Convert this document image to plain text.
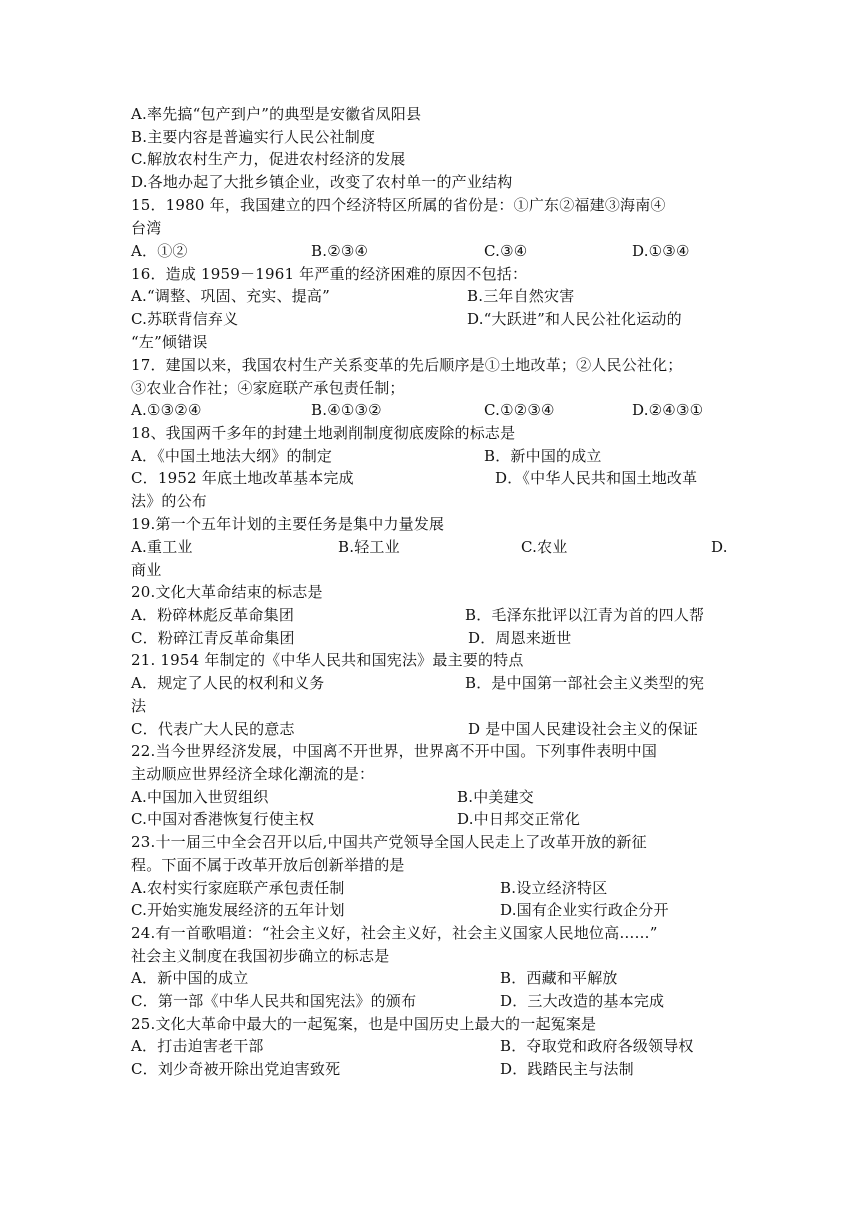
A.率先搞“包产到户”的典型是安徽省凤阳县
B.主要内容是普遍实行人民公社制度
C.解放农村生产力，促进农村经济的发展
D.各地办起了大批乡镇企业，改变了农村单一的产业结构
15．1980 年，我国建立的四个经济特区所属的省份是：①广东②福建③海南④
台湾
A．①②	B.②③④	C.③④	D.①③④
16．造成 1959－1961 年严重的经济困难的原因不包括：
A.“调整、巩固、充实、提高”	B.三年自然灾害
C.苏联背信弃义	D.“大跃进”和人民公社化运动的
“左”倾错误
17．建国以来，我国农村生产关系变革的先后顺序是①土地改革；②人民公社化；
③农业合作社；④家庭联产承包责任制；
A.①③②④	B.④①③②	C.①②③④	D.②④③①
18、我国两千多年的封建土地剥削制度彻底废除的标志是
A．《中国土地法大纲》的制定	B．新中国的成立
C．1952 年底土地改革基本完成	D．《中华人民共和国土地改革
法》的公布
19.第一个五年计划的主要任务是集中力量发展
A.重工业	B.轻工业	C.农业	D.
商业
20.文化大革命结束的标志是
A．粉碎林彪反革命集团	B．毛泽东批评以江青为首的四人帮
C．粉碎江青反革命集团	D．周恩来逝世
21. 1954 年制定的《中华人民共和国宪法》最主要的特点
A．规定了人民的权利和义务	B．是中国第一部社会主义类型的宪
法
C．代表广大人民的意志	D 是中国人民建设社会主义的保证
22.当今世界经济发展，中国离不开世界，世界离不开中国。下列事件表明中国
主动顺应世界经济全球化潮流的是：
A.中国加入世贸组织	B.中美建交
C.中国对香港恢复行使主权	D.中日邦交正常化
23.十一届三中全会召开以后,中国共产党领导全国人民走上了改革开放的新征
程。下面不属于改革开放后创新举措的是
A.农村实行家庭联产承包责任制	B.设立经济特区
C.开始实施发展经济的五年计划	D.国有企业实行政企分开
24.有一首歌唱道：“社会主义好，社会主义好，社会主义国家人民地位高……”
社会主义制度在我国初步确立的标志是
A．新中国的成立	B．西藏和平解放
C．第一部《中华人民共和国宪法》的颁布	D．三大改造的基本完成
25.文化大革命中最大的一起冤案，也是中国历史上最大的一起冤案是
A．打击迫害老干部	B．夺取党和政府各级领导权
C．刘少奇被开除出党迫害致死	D．践踏民主与法制
